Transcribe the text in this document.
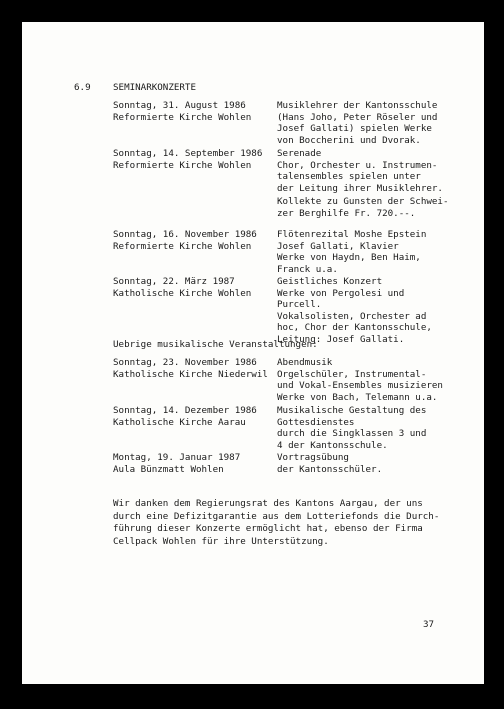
6.9 SEMINARKONZERTE
Sonntag, 31. August 1986
Reformierte Kirche Wohlen
Musiklehrer der Kantonsschule
(Hans Joho, Peter Röseler und
Josef Gallati) spielen Werke
von Boccherini und Dvorak.
Sonntag, 14. September 1986
Reformierte Kirche Wohlen
Serenade
Chor, Orchester u. Instrumen-
talensembles spielen unter
der Leitung ihrer Musiklehrer.
Kollekte zu Gunsten der Schwei-
zer Berghilfe Fr. 720.--.
Sonntag, 16. November 1986
Reformierte Kirche Wohlen
Flötenrezital Moshe Epstein
Josef Gallati, Klavier
Werke von Haydn, Ben Haim,
Franck u.a.
Sonntag, 22. März 1987
Katholische Kirche Wohlen
Geistliches Konzert
Werke von Pergolesi und
Purcell.
Vokalsolisten, Orchester ad
hoc, Chor der Kantonsschule,
Leitung: Josef Gallati.
Uebrige musikalische Veranstaltungen:
Sonntag, 23. November 1986
Katholische Kirche Niederwil
Abendmusik
Orgelschüler, Instrumental-
und Vokal-Ensembles musizieren
Werke von Bach, Telemann u.a.
Sonntag, 14. Dezember 1986
Katholische Kirche Aarau
Musikalische Gestaltung des
Gottesdienstes
durch die Singklassen 3 und
4 der Kantonsschule.
Montag, 19. Januar 1987
Aula Bünzmatt Wohlen
Vortragsübung
der Kantonsschüler.
Wir danken dem Regierungsrat des Kantons Aargau, der uns
durch eine Defizitgarantie aus dem Lotteriefonds die Durch-
führung dieser Konzerte ermöglicht hat, ebenso der Firma
Cellpack Wohlen für ihre Unterstützung.
37
